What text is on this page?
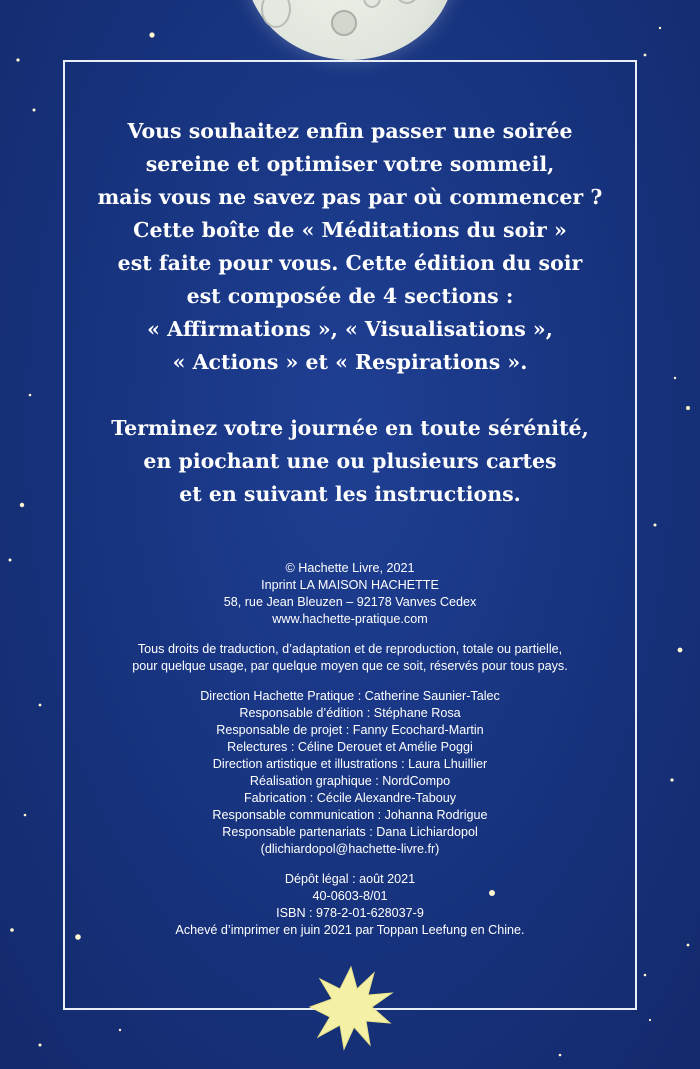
Vous souhaitez enfin passer une soirée
sereine et optimiser votre sommeil,
mais vous ne savez pas par où commencer ?
Cette boîte de « Méditations du soir »
est faite pour vous. Cette édition du soir
est composée de 4 sections :
« Affirmations », « Visualisations »,
« Actions » et « Respirations ».
Terminez votre journée en toute sérénité,
en piochant une ou plusieurs cartes
et en suivant les instructions.
© Hachette Livre, 2021
Inprint LA MAISON HACHETTE
58, rue Jean Bleuzen – 92178 Vanves Cedex
www.hachette-pratique.com
Tous droits de traduction, d’adaptation et de reproduction, totale ou partielle,
pour quelque usage, par quelque moyen que ce soit, réservés pour tous pays.
Direction Hachette Pratique : Catherine Saunier-Talec
Responsable d’édition : Stéphane Rosa
Responsable de projet : Fanny Ecochard-Martin
Relectures : Céline Derouet et Amélie Poggi
Direction artistique et illustrations : Laura Lhuillier
Réalisation graphique : NordCompo
Fabrication : Cécile Alexandre-Tabouy
Responsable communication : Johanna Rodrigue
Responsable partenariats : Dana Lichiardopol
(dlichiardopol@hachette-livre.fr)
Dépôt légal : août 2021
40-0603-8/01
ISBN : 978-2-01-628037-9
Achevé d’imprimer en juin 2021 par Toppan Leefung en Chine.
